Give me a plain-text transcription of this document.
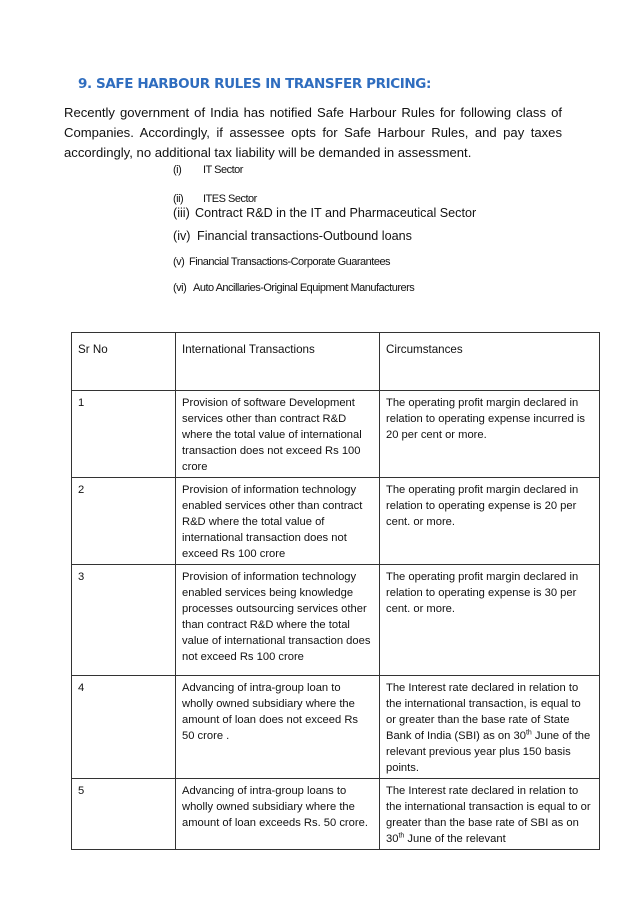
9. SAFE HARBOUR RULES IN TRANSFER PRICING:

Recently government of India has notified Safe Harbour Rules for following class of Companies. Accordingly, if assessee opts for Safe Harbour Rules, and pay taxes accordingly, no additional tax liability will be demanded in assessment.

(i) IT Sector
(ii) ITES Sector
(iii) Contract R&D in the IT and Pharmaceutical Sector
(iv) Financial transactions-Outbound loans
(v) Financial Transactions-Corporate Guarantees
(vi) Auto Ancillaries-Original Equipment Manufacturers
Sr No	International Transactions	Circumstances
1	Provision of software Development services other than contract R&D where the total value of international transaction does not exceed Rs 100 crore	The operating profit margin declared in relation to operating expense incurred is 20 per cent or more.
2	Provision of information technology enabled services other than contract R&D where the total value of international transaction does not exceed Rs 100 crore	The operating profit margin declared in relation to operating expense is 20 per cent. or more.
3	Provision of information technology enabled services being knowledge processes outsourcing services other than contract R&D where the total value of international transaction does not exceed Rs 100 crore	The operating profit margin declared in relation to operating expense is 30 per cent. or more.
4	Advancing of intra-group loan to wholly owned subsidiary where the amount of loan does not exceed Rs 50 crore .	The Interest rate declared in relation to the international transaction, is equal to or greater than the base rate of State Bank of India (SBI) as on 30th June of the relevant previous year plus 150 basis points.
5	Advancing of intra-group loans to wholly owned subsidiary where the amount of loan exceeds Rs. 50 crore.	The Interest rate declared in relation to the international transaction is equal to or greater than the base rate of SBI as on 30th June of the relevant
